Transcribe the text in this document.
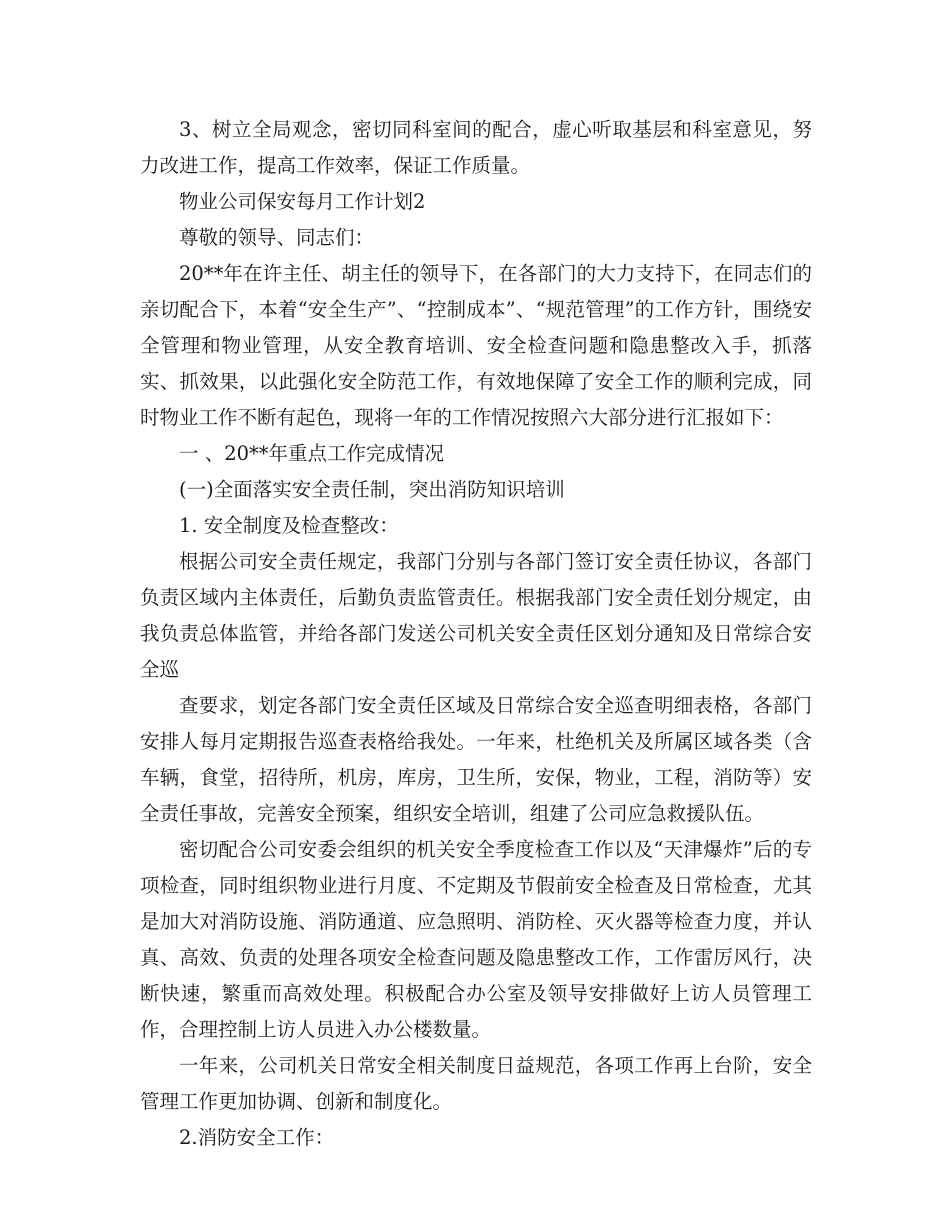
3、树立全局观念，密切同科室间的配合，虚心听取基层和科室意见，努力改进工作，提高工作效率，保证工作质量。

物业公司保安每月工作计划2

尊敬的领导、同志们：

20**年在许主任、胡主任的领导下，在各部门的大力支持下，在同志们的亲切配合下，本着“安全生产”、“控制成本”、“规范管理”的工作方针，围绕安全管理和物业管理，从安全教育培训、安全检查问题和隐患整改入手，抓落实、抓效果，以此强化安全防范工作，有效地保障了安全工作的顺利完成，同时物业工作不断有起色，现将一年的工作情况按照六大部分进行汇报如下：

一 、20**年重点工作完成情况

(一)全面落实安全责任制，突出消防知识培训

1. 安全制度及检查整改：

根据公司安全责任规定，我部门分别与各部门签订安全责任协议，各部门负责区域内主体责任，后勤负责监管责任。根据我部门安全责任划分规定，由我负责总体监管，并给各部门发送公司机关安全责任区划分通知及日常综合安全巡

查要求，划定各部门安全责任区域及日常综合安全巡查明细表格，各部门安排人每月定期报告巡查表格给我处。一年来，杜绝机关及所属区域各类（含车辆，食堂，招待所，机房，库房，卫生所，安保，物业，工程，消防等）安全责任事故，完善安全预案，组织安全培训，组建了公司应急救援队伍。

密切配合公司安委会组织的机关安全季度检查工作以及“天津爆炸”后的专项检查，同时组织物业进行月度、不定期及节假前安全检查及日常检查，尤其是加大对消防设施、消防通道、应急照明、消防栓、灭火器等检查力度，并认真、高效、负责的处理各项安全检查问题及隐患整改工作，工作雷厉风行，决断快速，繁重而高效处理。积极配合办公室及领导安排做好上访人员管理工作，合理控制上访人员进入办公楼数量。

一年来，公司机关日常安全相关制度日益规范，各项工作再上台阶，安全管理工作更加协调、创新和制度化。

2.消防安全工作：
